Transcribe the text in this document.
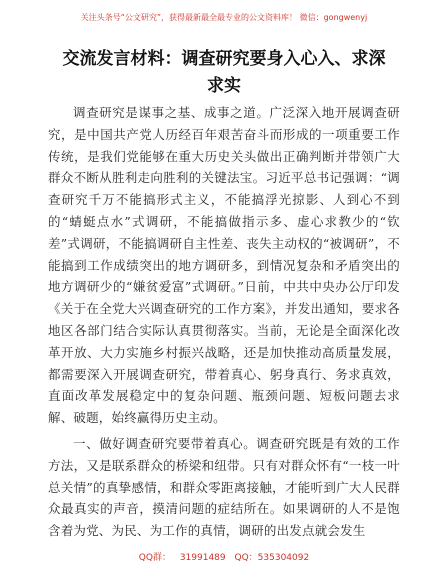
关注头条号“公文研究”，获得最新最全最专业的公文资料库！ 微信：gongwenyj
交流发言材料：调查研究要身入心入、求深求实

调查研究是谋事之基、成事之道。广泛深入地开展调查研究，是中国共产党人历经百年艰苦奋斗而形成的一项重要工作传统，是我们党能够在重大历史关头做出正确判断并带领广大群众不断从胜利走向胜利的关键法宝。习近平总书记强调：“调查研究千万不能搞形式主义，不能搞浮光掠影、人到心不到的“蜻蜓点水”式调研，不能搞做指示多、虚心求教少的“钦差”式调研，不能搞调研自主性差、丧失主动权的“被调研”，不能搞到工作成绩突出的地方调研多，到情况复杂和矛盾突出的地方调研少的“嫌贫爱富”式调研。”日前，中共中央办公厅印发《关于在全党大兴调查研究的工作方案》，并发出通知，要求各地区各部门结合实际认真贯彻落实。当前，无论是全面深化改革开放、大力实施乡村振兴战略，还是加快推动高质量发展，都需要深入开展调查研究，带着真心、躬身真行、务求真效，直面改革发展稳定中的复杂问题、瓶颈问题、短板问题去求解、破题，始终赢得历史主动。

一、做好调查研究要带着真心。调查研究既是有效的工作方法，又是联系群众的桥梁和纽带。只有对群众怀有“一枝一叶总关情”的真挚感情，和群众零距离接触，才能听到广大人民群众最真实的声音，摸清问题的症结所在。如果调研的人不是饱含着为党、为民、为工作的真情，调研的出发点就会发生

QQ群： 31991489 QQ：535304092
